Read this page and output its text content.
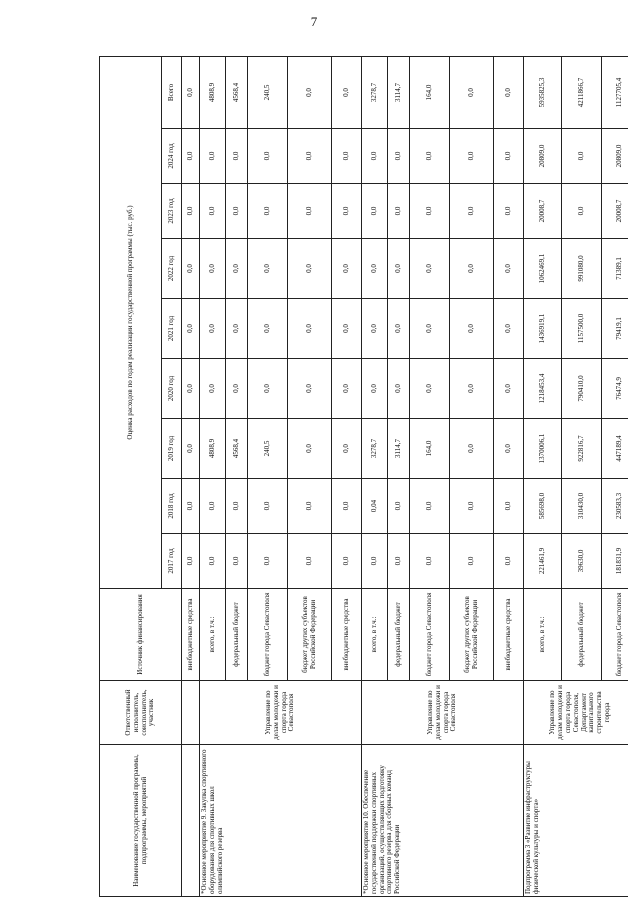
7
Наименование государственной программы, подпрограммы, мероприятий	Ответственный исполнитель, соисполнитель, участник	Источник финансирования	Оценка расходов по годам реализации государственной программы (тыс. руб.)								
			2017 год	2018 год	2019 год	2020 год	2021 год	2022 год	2023 год	2024 год	Всего
		внебюджетные средства	0,0	0,0	0,0	0,0	0,0	0,0	0,0	0,0	0,0
*Основное мероприятие 9. Закупка спортивного оборудования для спортивных школ олимпийского резерва	Управление по делам молодежи и спорта города Севастополя	всего, в т.ч.:	0,0	0,0	4808,9	0,0	0,0	0,0	0,0	0,0	4808,9
		федеральный бюджет	0,0	0,0	4568,4	0,0	0,0	0,0	0,0	0,0	4568,4
		бюджет города Севастополя	0,0	0,0	240,5	0,0	0,0	0,0	0,0	0,0	240,5
		бюджет других субъектов Российской Федерации	0,0	0,0	0,0	0,0	0,0	0,0	0,0	0,0	0,0
		внебюджетные средства	0,0	0,0	0,0	0,0	0,0	0,0	0,0	0,0	0,0
*Основное мероприятие 10. Обеспечение государственной поддержки спортивных организаций, осуществляющих подготовку спортивного резерва для сборных команд Российской Федерации	Управление по делам молодежи и спорта города Севастополя	всего, в т.ч.:	0,0	0,04	3278,7	0,0	0,0	0,0	0,0	0,0	3278,7
		федеральный бюджет	0,0	0,0	3114,7	0,0	0,0	0,0	0,0	0,0	3114,7
		бюджет города Севастополя	0,0	0,0	164,0	0,0	0,0	0,0	0,0	0,0	164,0
		бюджет других субъектов Российской Федерации	0,0	0,0	0,0	0,0	0,0	0,0	0,0	0,0	0,0
		внебюджетные средства	0,0	0,0	0,0	0,0	0,0	0,0	0,0	0,0	0,0
Подпрограмма 3 «Развитие инфраструктуры физической культуры и спорта»	Управление по делам молодежи и спорта города Севастополя, Департамент капитального строительства города	всего, в т.ч.:	221461,9	585698,0	1370006,1	1218453,4	1436919,1	1062469,1	20008,7	20809,0	5935825,3
		федеральный бюджет	39630,0	310430,0	922816,7	790410,0	1157500,0	991080,0	0,0	0,0	4211866,7
		бюджет города Севастополя	181831,9	230583,3	447189,4	76474,9	79419,1	71389,1	20008,7	20809,0	1127705,4
